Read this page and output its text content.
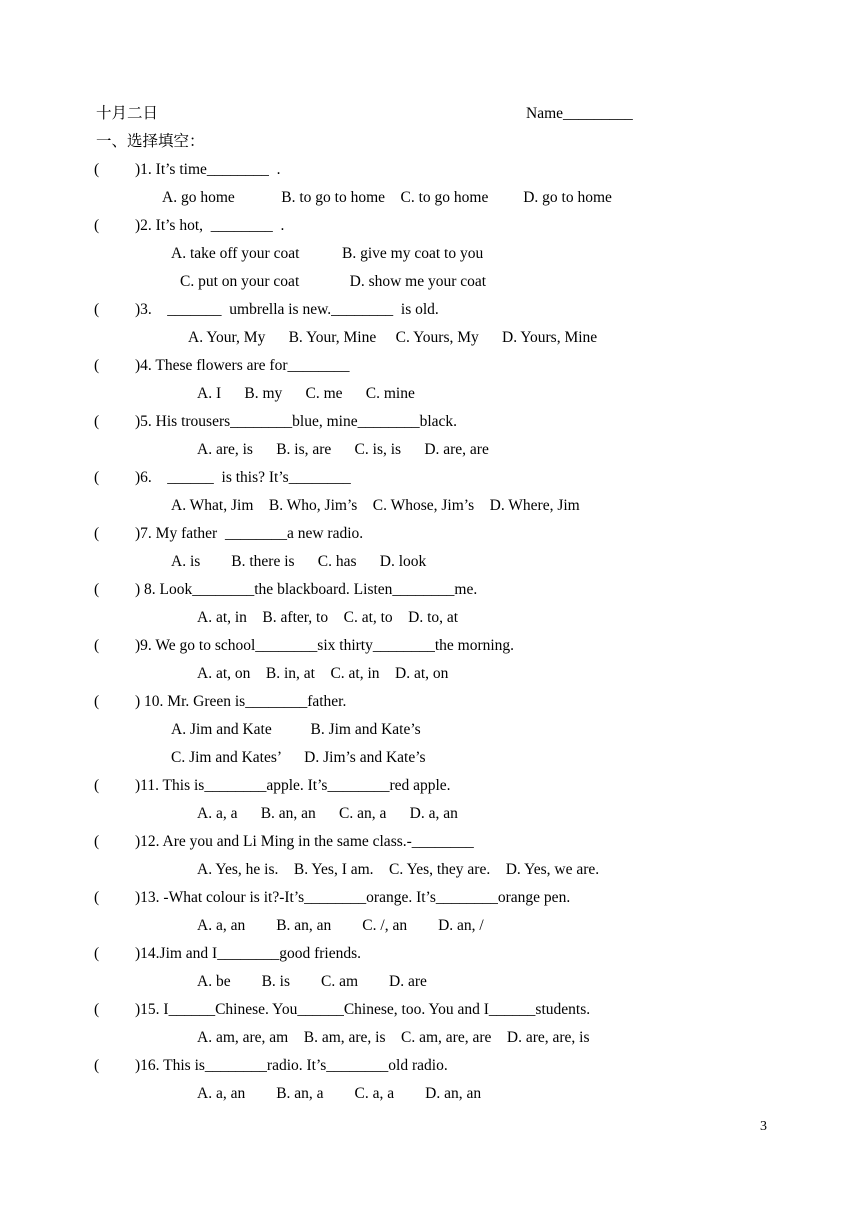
十月二日	Name_________
一、选择填空：
( )1. It’s time________  .
A. go home            B. to go to home    C. to go home         D. go to home
( )2. It’s hot,  ________  .
A. take off your coat           B. give my coat to you
C. put on your coat             D. show me your coat
( )3.    _______  umbrella is new.________  is old.
A. Your, My      B. Your, Mine     C. Yours, My      D. Yours, Mine
( )4. These flowers are for________
A. I      B. my      C. me      C. mine
( )5. His trousers________blue, mine________black.
A. are, is      B. is, are      C. is, is      D. are, are
( )6.    ______  is this? It’s________
A. What, Jim    B. Who, Jim’s    C. Whose, Jim’s    D. Where, Jim
( )7. My father  ________a new radio.
A. is        B. there is      C. has      D. look
( ) 8. Look________the blackboard. Listen________me.
A. at, in    B. after, to    C. at, to    D. to, at
( )9. We go to school________six thirty________the morning.
A. at, on    B. in, at    C. at, in    D. at, on
( ) 10. Mr. Green is________father.
A. Jim and Kate          B. Jim and Kate’s
C. Jim and Kates’      D. Jim’s and Kate’s
( )11. This is________apple. It’s________red apple.
A. a, a      B. an, an      C. an, a      D. a, an
( )12. Are you and Li Ming in the same class.-________
A. Yes, he is.    B. Yes, I am.    C. Yes, they are.    D. Yes, we are.
( )13. -What colour is it?-It’s________orange. It’s________orange pen.
A. a, an        B. an, an        C. /, an        D. an, /
( )14.Jim and I________good friends.
A. be        B. is        C. am        D. are
( )15. I______Chinese. You______Chinese, too. You and I______students.
A. am, are, am    B. am, are, is    C. am, are, are    D. are, are, is
( )16. This is________radio. It’s________old radio.
A. a, an        B. an, a        C. a, a        D. an, an
3
